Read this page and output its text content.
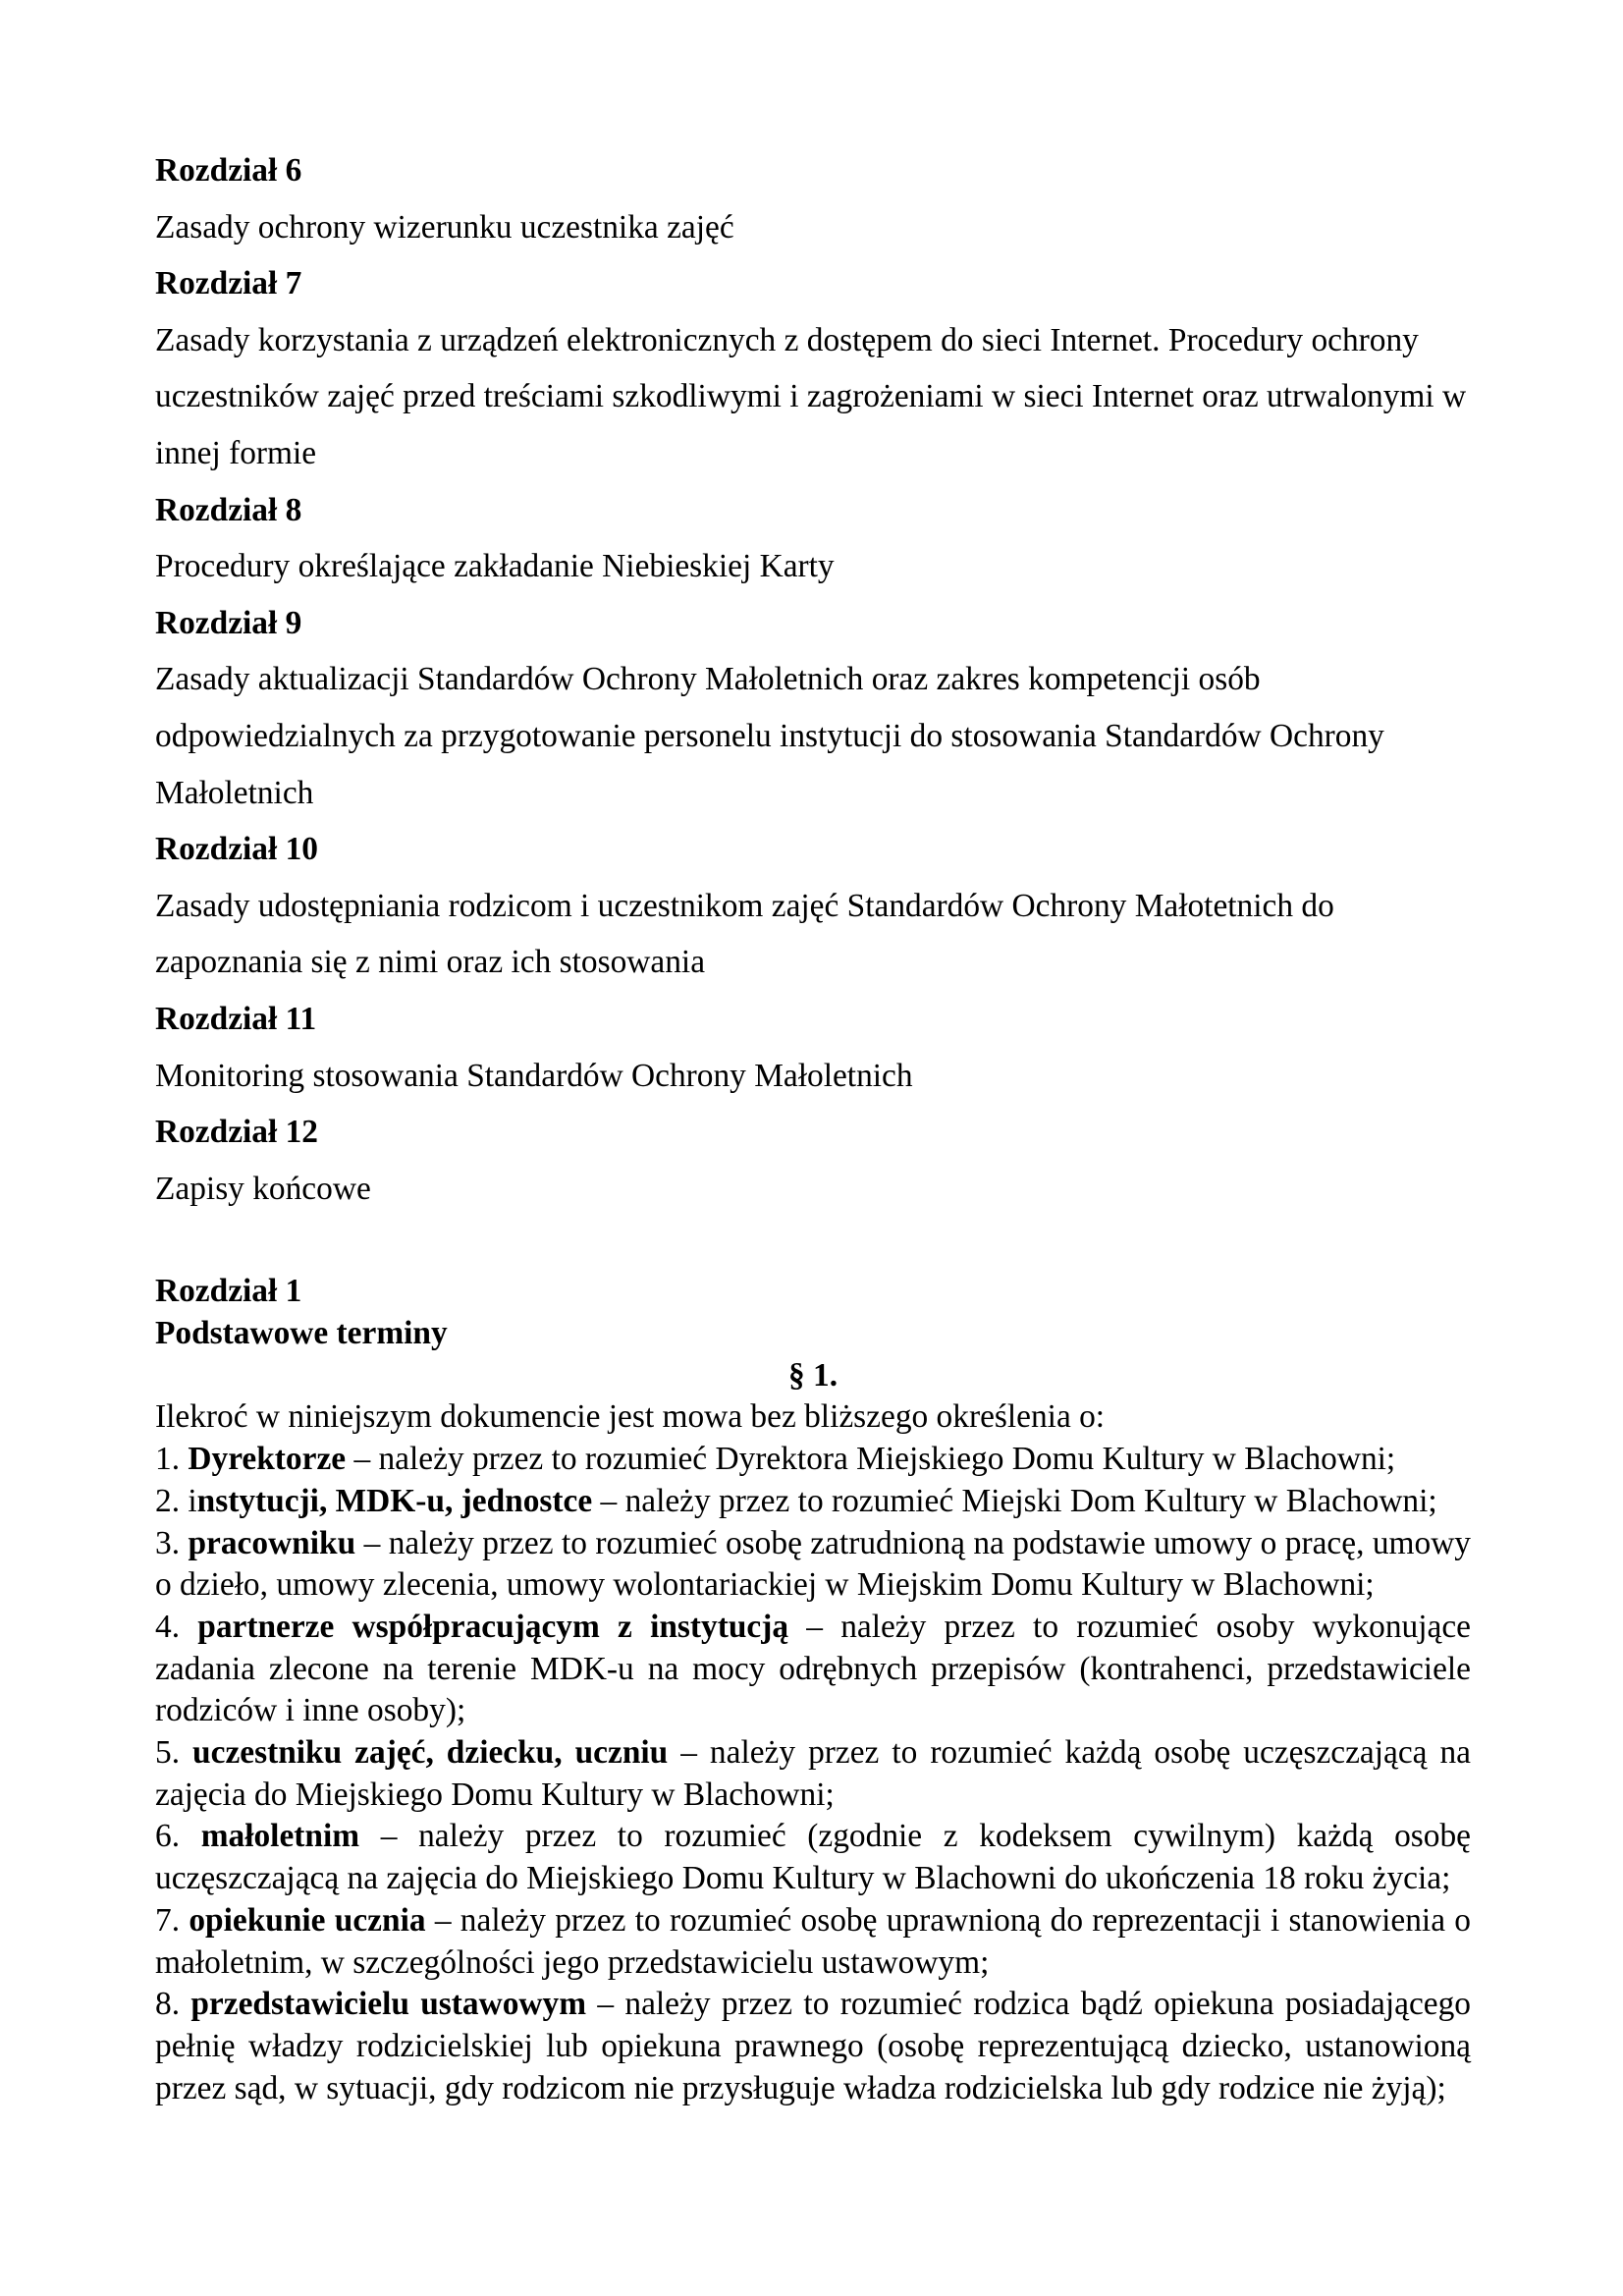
Rozdział 6
Zasady ochrony wizerunku uczestnika zajęć
Rozdział 7
Zasady korzystania z urządzeń elektronicznych z dostępem do sieci Internet. Procedury ochrony
uczestników zajęć przed treściami szkodliwymi i zagrożeniami w sieci Internet oraz utrwalonymi w
innej formie
Rozdział 8
Procedury określające zakładanie Niebieskiej Karty
Rozdział 9
Zasady aktualizacji Standardów Ochrony Małoletnich oraz zakres kompetencji osób
odpowiedzialnych za przygotowanie personelu instytucji do stosowania Standardów Ochrony
Małoletnich
Rozdział 10
Zasady udostępniania rodzicom i uczestnikom zajęć Standardów Ochrony Małotetnich do
zapoznania się z nimi oraz ich stosowania
Rozdział 11
Monitoring stosowania Standardów Ochrony Małoletnich
Rozdział 12
Zapisy końcowe
Rozdział 1
Podstawowe terminy
§ 1.
Ilekroć w niniejszym dokumencie jest mowa bez bliższego określenia o:
1. Dyrektorze – należy przez to rozumieć Dyrektora Miejskiego Domu Kultury w Blachowni;
2. instytucji, MDK-u, jednostce – należy przez to rozumieć Miejski Dom Kultury w Blachowni;
3. pracowniku – należy przez to rozumieć osobę zatrudnioną na podstawie umowy o pracę, umowy
o dzieło, umowy zlecenia, umowy wolontariackiej w Miejskim Domu Kultury w Blachowni;
4. partnerze współpracującym z instytucją – należy przez to rozumieć osoby wykonujące
zadania zlecone na terenie MDK-u na mocy odrębnych przepisów (kontrahenci, przedstawiciele
rodziców i inne osoby);
5. uczestniku zajęć, dziecku, uczniu – należy przez to rozumieć każdą osobę uczęszczającą na
zajęcia do Miejskiego Domu Kultury w Blachowni;
6. małoletnim – należy przez to rozumieć (zgodnie z kodeksem cywilnym) każdą osobę
uczęszczającą na zajęcia do Miejskiego Domu Kultury w Blachowni do ukończenia 18 roku życia;
7. opiekunie ucznia – należy przez to rozumieć osobę uprawnioną do reprezentacji i stanowienia o
małoletnim, w szczególności jego przedstawicielu ustawowym;
8. przedstawicielu ustawowym – należy przez to rozumieć rodzica bądź opiekuna posiadającego
pełnię władzy rodzicielskiej lub opiekuna prawnego (osobę reprezentującą dziecko, ustanowioną
przez sąd, w sytuacji, gdy rodzicom nie przysługuje władza rodzicielska lub gdy rodzice nie żyją);
